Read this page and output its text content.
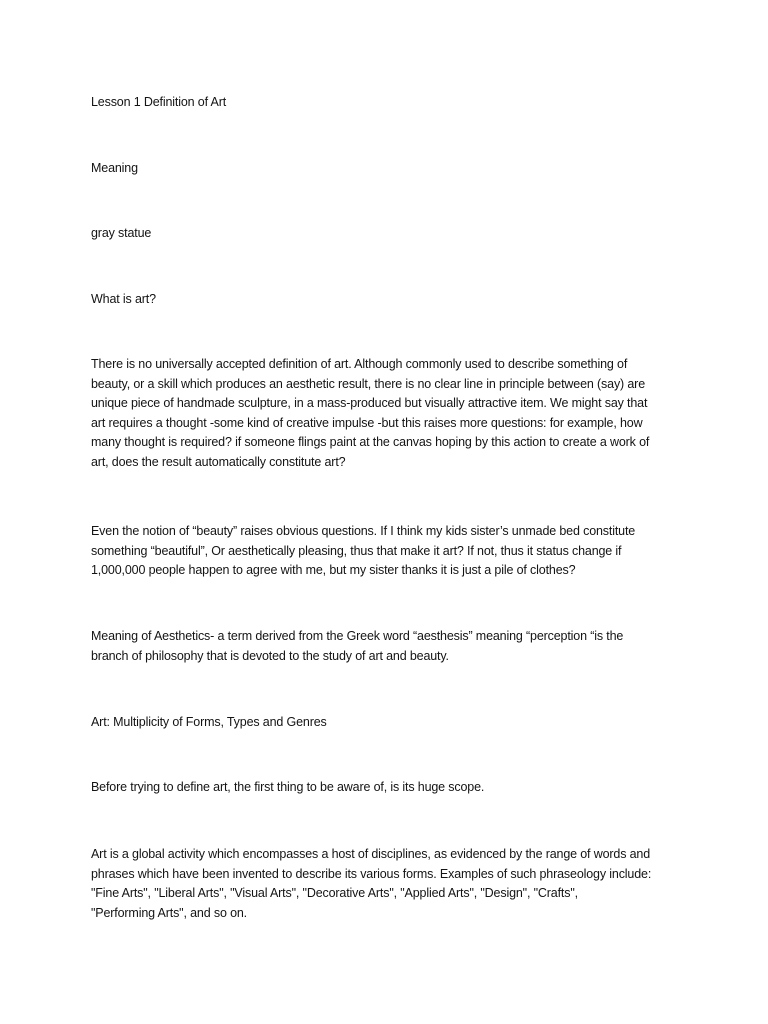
Lesson 1 Definition of Art

Meaning

gray statue

What is art?

There is no universally accepted definition of art. Although commonly used to describe something of
beauty, or a skill which produces an aesthetic result, there is no clear line in principle between (say) are
unique piece of handmade sculpture, in a mass-produced but visually attractive item. We might say that
art requires a thought -some kind of creative impulse -but this raises more questions: for example, how
many thought is required? if someone flings paint at the canvas hoping by this action to create a work of
art, does the result automatically constitute art?

Even the notion of “beauty” raises obvious questions. If I think my kids sister’s unmade bed constitute
something “beautiful”, Or aesthetically pleasing, thus that make it art? If not, thus it status change if
1,000,000 people happen to agree with me, but my sister thanks it is just a pile of clothes?

Meaning of Aesthetics- a term derived from the Greek word “aesthesis” meaning “perception “is the
branch of philosophy that is devoted to the study of art and beauty.

Art: Multiplicity of Forms, Types and Genres

Before trying to define art, the first thing to be aware of, is its huge scope.

Art is a global activity which encompasses a host of disciplines, as evidenced by the range of words and
phrases which have been invented to describe its various forms. Examples of such phraseology include:
"Fine Arts", "Liberal Arts", "Visual Arts", "Decorative Arts", "Applied Arts", "Design", "Crafts",
"Performing Arts", and so on.
